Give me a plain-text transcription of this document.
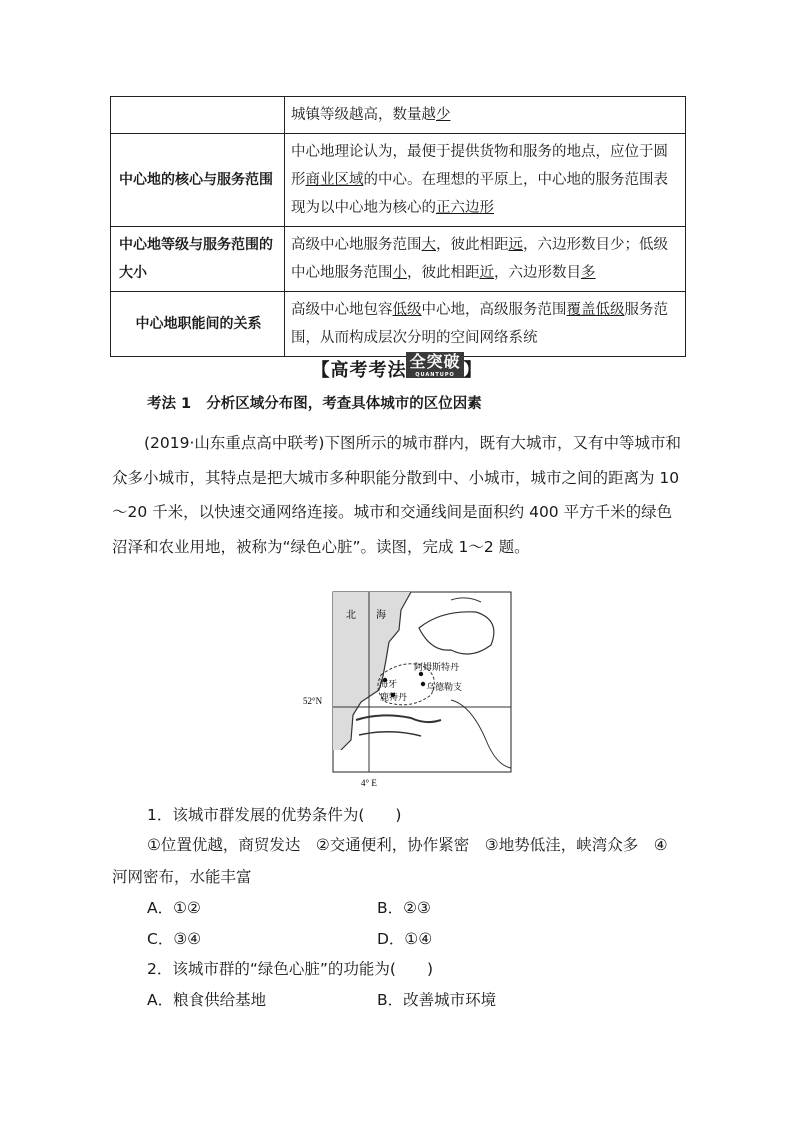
	城镇等级越高，数量越少
中心地的核心与服务范围	中心地理论认为，最便于提供货物和服务的地点，应位于圆形商业区域的中心。在理想的平原上，中心地的服务范围表现为以中心地为核心的正六边形
中心地等级与服务范围的大小	高级中心地服务范围大，彼此相距远，六边形数目少；低级中心地服务范围小，彼此相距近，六边形数目多
中心地职能间的关系	高级中心地包容低级中心地，高级服务范围覆盖低级服务范围，从而构成层次分明的空间网络系统
【高考考法 全突破
QUANTUPO 】
考法 1 分析区域分布图，考查具体城市的区位因素
(2019·山东重点高中联考)下图所示的城市群内，既有大城市，又有中等城市和众多小城市，其特点是把大城市多种职能分散到中、小城市，城市之间的距离为 10～20 千米，以快速交通网络连接。城市和交通线间是面积约 400 平方千米的绿色沼泽和农业用地，被称为“绿色心脏”。读图，完成 1～2 题。
北 海
阿姆斯特丹
海牙
鹿特丹
乌德勒支
52°N
4° E
1．该城市群发展的优势条件为(　　)
①位置优越，商贸发达　②交通便利，协作紧密　③地势低洼，峡湾众多　④
河网密布，水能丰富
A．①②	B．②③
C．③④	D．①④
2．该城市群的“绿色心脏”的功能为(　　)
A．粮食供给基地	B．改善城市环境
